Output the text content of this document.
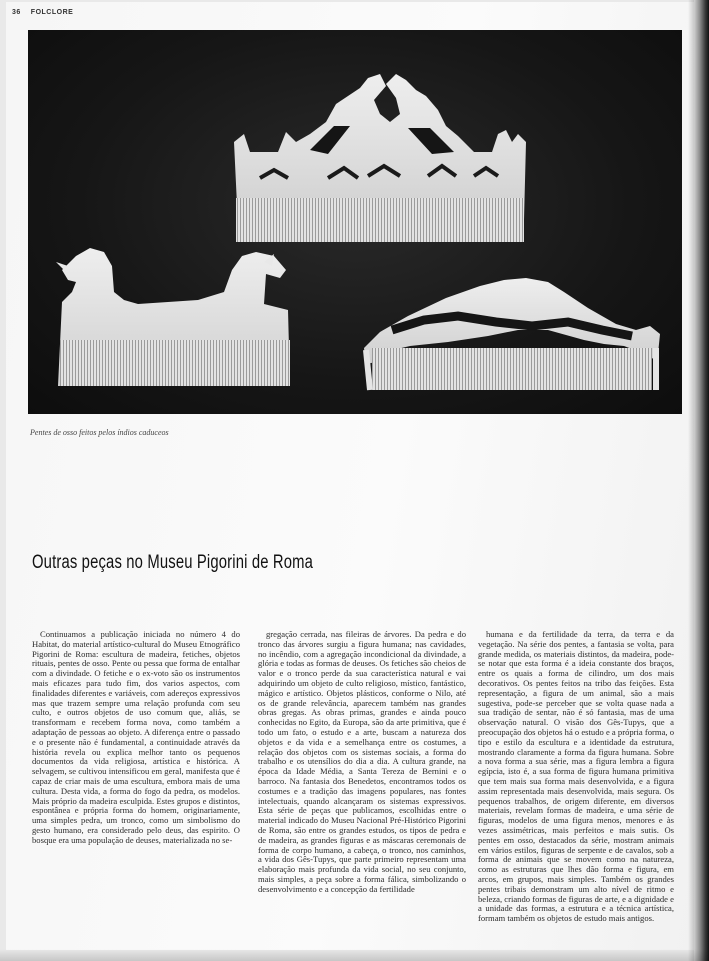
36 FOLCLORE
Pentes de osso feitos pelos índios caduceos
Outras peças no Museu Pigorini de Roma

Continuamos a publicação iniciada no número 4 do Habitat, do material artístico-cultural do Museu Etnográfico Pigorini de Roma: escultura de madeira, fetiches, objetos rituais, pentes de osso. Pente ou pessa que forma de entalhar com a divindade. O fetiche e o ex-voto são os instrumentos mais eficazes para tudo fim, dos varios aspectos, com finalidades diferentes e variáveis, com adereços expressivos mas que trazem sempre uma relação profunda com seu culto, e outros objetos de uso comum que, aliás, se transformam e recebem forma nova, como também a adaptação de pessoas ao objeto. A diferença entre o passado e o presente não é fundamental, a continuidade através da história revela ou explica melhor tanto os pequenos documentos da vida religiosa, artística e histórica. A selvagem, se cultivou intensificou em geral, manifesta que é capaz de criar mais de uma escultura, embora mais de uma cultura. Desta vida, a forma do fogo da pedra, os modelos. Mais próprio da madeira esculpida. Estes grupos e distintos, espontânea e própria forma do homem, originariamente, uma simples pedra, um tronco, como um simbolismo do gesto humano, era considerado pelo deus, das espirito. O bosque era uma população de deuses, materializada no se-

gregação cerrada, nas fileiras de árvores. Da pedra e do tronco das árvores surgiu a figura humana; nas cavidades, no incêndio, com a agregação incondicional da divindade, a glória e todas as formas de deuses. Os fetiches são cheios de valor e o tronco perde da sua característica natural e vai adquirindo um objeto de culto religioso, místico, fantástico, mágico e artístico. Objetos plásticos, conforme o Nilo, até os de grande relevância, aparecem também nas grandes obras gregas. As obras primas, grandes e ainda pouco conhecidas no Egito, da Europa, são da arte primitiva, que é todo um fato, o estudo e a arte, buscam a natureza dos objetos e da vida e a semelhança entre os costumes, a relação dos objetos com os sistemas sociais, a forma do trabalho e os utensílios do dia a dia. A cultura grande, na época da Idade Média, a Santa Tereza de Bernini e o barroco. Na fantasia dos Benedetos, encontramos todos os costumes e a tradição das imagens populares, nas fontes intelectuais, quando alcançaram os sistemas expressivos. Esta série de peças que publicamos, escolhidas entre o material indicado do Museu Nacional Pré-Histórico Pigorini de Roma, são entre os grandes estudos, os tipos de pedra e de madeira, as grandes figuras e as máscaras ceremonais de forma de corpo humano, a cabeça, o tronco, nos caminhos, a vida dos Gês-Tupys, que parte primeiro representam uma elaboração mais profunda da vida social, no seu conjunto, mais simples, a peça sobre a forma fálica, simbolizando o desenvolvimento e a concepção da fertilidade

humana e da fertilidade da terra, da terra e da vegetação. Na série dos pentes, a fantasia se volta, para grande medida, os materiais distintos, da madeira, pode-se notar que esta forma é a ideia constante dos braços, entre os quais a forma de cilindro, um dos mais decorativos. Os pentes feitos na tribo das feições. Esta representação, a figura de um animal, são a mais sugestiva, pode-se perceber que se volta quase nada a sua tradição de sentar, não é só fantasia, mas de uma observação natural. O visão dos Gês-Tupys, que a preocupação dos objetos há o estudo e a própria forma, o tipo e estilo da escultura e a identidade da estrutura, mostrando claramente a forma da figura humana. Sobre a nova forma a sua série, mas a figura lembra a figura egípcia, isto é, a sua forma de figura humana primitiva que tem mais sua forma mais desenvolvida, e a figura assim representada mais desenvolvida, mais segura. Os pequenos trabalhos, de origem diferente, em diversos materiais, revelam formas de madeira, e uma série de figuras, modelos de uma figura menos, menores e às vezes assimétricas, mais perfeitos e mais sutis. Os pentes em osso, destacados da série, mostram animais em vários estilos, figuras de serpente e de cavalos, sob a forma de animais que se movem como na natureza, como as estruturas que lhes dão forma e figura, em arcos, em grupos, mais simples. Também os grandes pentes tribais demonstram um alto nível de ritmo e beleza, criando formas de figuras de arte, e a dignidade e a unidade das formas, a estrutura e a técnica artística, formam também os objetos de estudo mais antigos.
